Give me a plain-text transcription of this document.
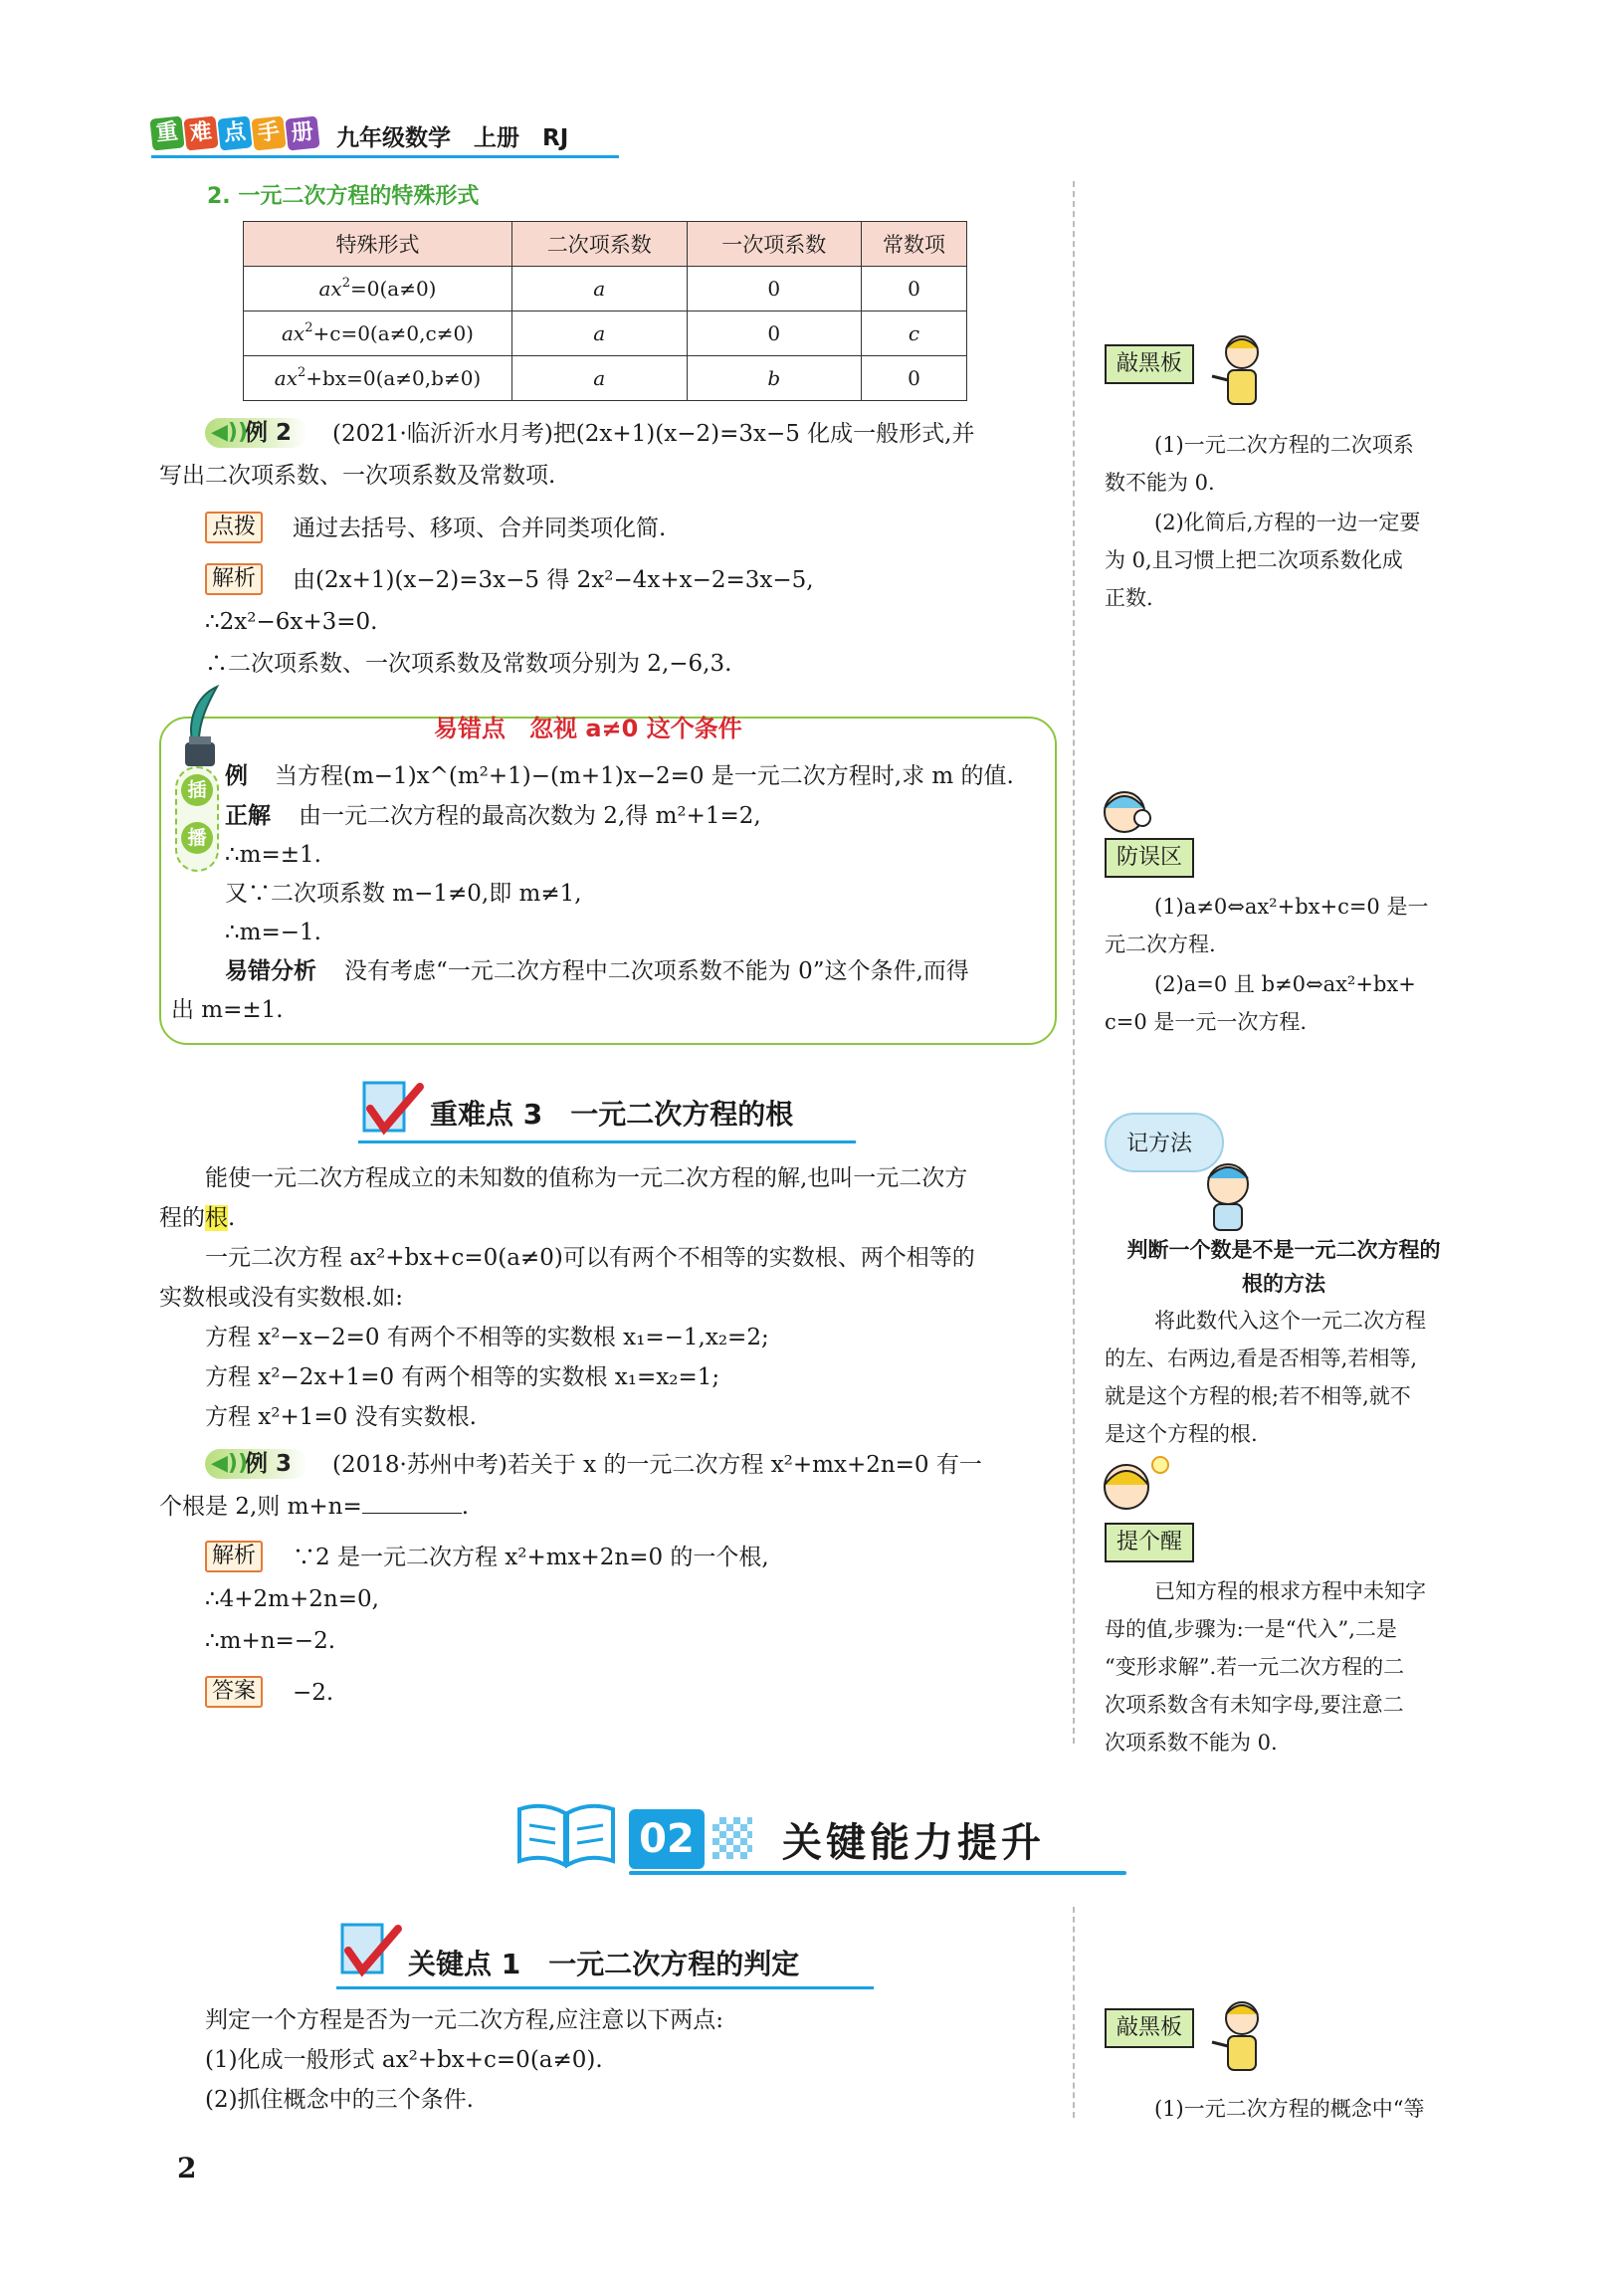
重 难 点 手 册 九年级数学　上册　RJ
2. 一元二次方程的特殊形式
特殊形式	二次项系数	一次项系数	常数项
$ax^2=0(a\ne 0)$	a	0	0
$ax^2+c=0(a\ne 0,c\ne 0)$	a	0	c
$ax^2+bx=0(a\ne 0,b\ne 0)$	a	b	0
◀))
例 2	(2021·临沂沂水月考)把(2x+1)(x−2)=3x−5 化成一般形式,并
写出二次项系数、一次项系数及常数项.
点拨	通过去括号、移项、合并同类项化简.
解析	由(2x+1)(x−2)=3x−5 得 2x²−4x+x−2=3x−5,
∴2x²−6x+3=0.
∴二次项系数、一次项系数及常数项分别为 2,−6,3.
插
播
易错点　忽视 a≠0 这个条件
例 当方程(m−1)x^(m²+1)−(m+1)x−2=0 是一元二次方程时,求 m 的值.
正解 由一元二次方程的最高次数为 2,得 m²+1=2,
∴m=±1.
又∵二次项系数 m−1≠0,即 m≠1,
∴m=−1.
易错分析 没有考虑“一元二次方程中二次项系数不能为 0”这个条件,而得
出 m=±1.
重难点 3　一元二次方程的根
能使一元二次方程成立的未知数的值称为一元二次方程的解,也叫一元二次方
程的根.
一元二次方程 ax²+bx+c=0(a≠0)可以有两个不相等的实数根、两个相等的
实数根或没有实数根.如:
方程 x²−x−2=0 有两个不相等的实数根 x₁=−1,x₂=2;
方程 x²−2x+1=0 有两个相等的实数根 x₁=x₂=1;
方程 x²+1=0 没有实数根.
◀))
例 3	(2018·苏州中考)若关于 x 的一元二次方程 x²+mx+2n=0 有一
个根是 2,则 m+n=	.
解析	∵2 是一元二次方程 x²+mx+2n=0 的一个根,
∴4+2m+2n=0,
∴m+n=−2.
答案	−2.
敲黑板
(1)一元二次方程的二次项系
数不能为 0.
(2)化简后,方程的一边一定要
为 0,且习惯上把二次项系数化成
正数.
防误区
(1)a≠0⇔ax²+bx+c=0 是一
元二次方程.
(2)a=0 且 b≠0⇔ax²+bx+
c=0 是一元一次方程.
记方法
判断一个数是不是一元二次方程的
根的方法
将此数代入这个一元二次方程
的左、右两边,看是否相等,若相等,
就是这个方程的根;若不相等,就不
是这个方程的根.
提个醒
已知方程的根求方程中未知字
母的值,步骤为:一是“代入”,二是
“变形求解”.若一元二次方程的二
次项系数含有未知字母,要注意二
次项系数不能为 0.
02 关键能力提升
关键点 1　一元二次方程的判定
判定一个方程是否为一元二次方程,应注意以下两点:
(1)化成一般形式 ax²+bx+c=0(a≠0).
(2)抓住概念中的三个条件.
敲黑板
(1)一元二次方程的概念中“等
2
